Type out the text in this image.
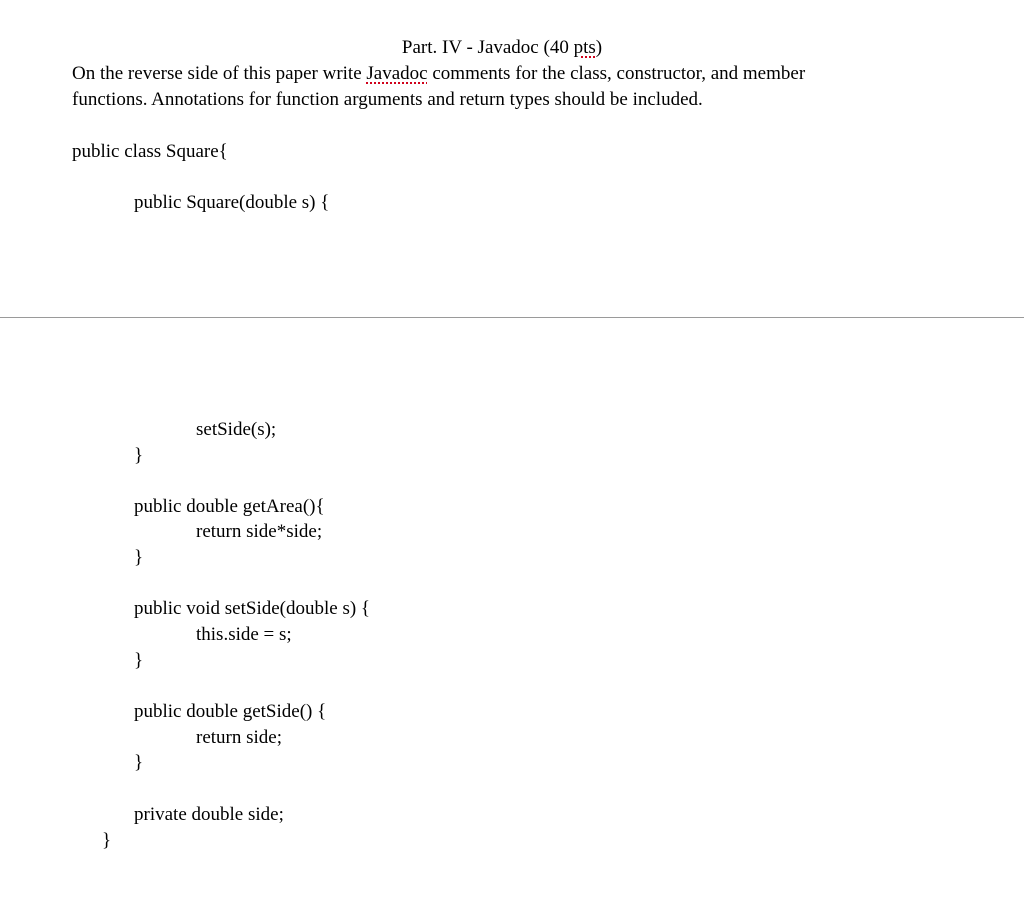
Part. IV - Javadoc (40 pts)
On the reverse side of this paper write Javadoc comments for the class, constructor, and member
functions. Annotations for function arguments and return types should be included.
public class Square{
public Square(double s) {
setSide(s);
}
public double getArea(){
return side*side;
}
public void setSide(double s) {
this.side = s;
}
public double getSide() {
return side;
}
private double side;
}
